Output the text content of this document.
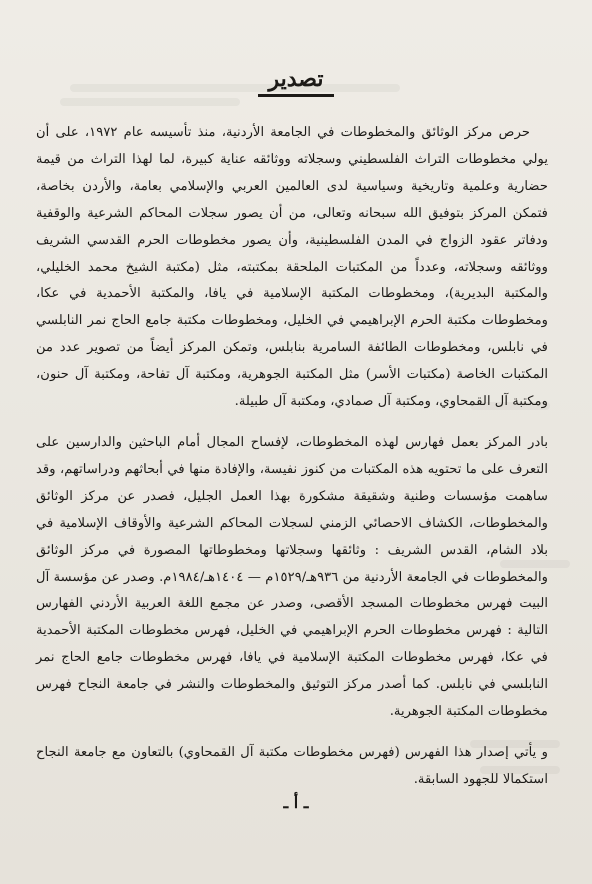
تصدير

حرص مركز الوثائق والمخطوطات في الجامعة الأردنية، منذ تأسيسه عام ١٩٧٢، على أن يولي مخطوطات التراث الفلسطيني وسجلاته ووثائقه عناية كبيرة، لما لهذا التراث من قيمة حضارية وعلمية وتاريخية وسياسية لدى العالمين العربي والإسلامي بعامة، والأردن بخاصة، فتمكن المركز بتوفيق الله سبحانه وتعالى، من أن يصور سجلات المحاكم الشرعية والوقفية ودفاتر عقود الزواج في المدن الفلسطينية، وأن يصور مخطوطات الحرم القدسي الشريف ووثائقه وسجلاته، وعدداً من المكتبات الملحقة بمكتبته، مثل (مكتبة الشيخ محمد الخليلي، والمكتبة البديرية)، ومخطوطات المكتبة الإسلامية في يافا، والمكتبة الأحمدية في عكا، ومخطوطات مكتبة الحرم الإبراهيمي في الخليل، ومخطوطات مكتبة جامع الحاج نمر النابلسي في نابلس، ومخطوطات الطائفة السامرية بنابلس، وتمكن المركز أيضاً من تصوير عدد من المكتبات الخاصة (مكتبات الأسر) مثل المكتبة الجوهرية، ومكتبة آل تفاحة، ومكتبة آل حنون، ومكتبة آل القمحاوي، ومكتبة آل صمادي، ومكتبة آل طبيلة.

بادر المركز بعمل فهارس لهذه المخطوطات، لإفساح المجال أمام الباحثين والدارسين على التعرف على ما تحتويه هذه المكتبات من كنوز نفيسة، والإفادة منها في أبحاثهم ودراساتهم، وقد ساهمت مؤسسات وطنية وشقيقة مشكورة بهذا العمل الجليل، فصدر عن مركز الوثائق والمخطوطات، الكشاف الاحصائي الزمني لسجلات المحاكم الشرعية والأوقاف الإسلامية في بلاد الشام، القدس الشريف : وثائقها وسجلاتها ومخطوطاتها المصورة في مركز الوثائق والمخطوطات في الجامعة الأردنية من ٩٣٦هـ/١٥٢٩م — ١٤٠٤هـ/١٩٨٤م. وصدر عن مؤسسة آل البيت فهرس مخطوطات المسجد الأقصى، وصدر عن مجمع اللغة العربية الأردني الفهارس التالية : فهرس مخطوطات الحرم الإبراهيمي في الخليل، فهرس مخطوطات المكتبة الأحمدية في عكا، فهرس مخطوطات المكتبة الإسلامية في يافا، فهرس مخطوطات جامع الحاج نمر النابلسي في نابلس. كما أصدر مركز التوثيق والمخطوطات والنشر في جامعة النجاح فهرس مخطوطات المكتبة الجوهرية.

و يأتي إصدار هذا الفهرس (فهرس مخطوطات مكتبة آل القمحاوي) بالتعاون مع جامعة النجاح استكمالا للجهود السابقة.

ـ أ ـ
